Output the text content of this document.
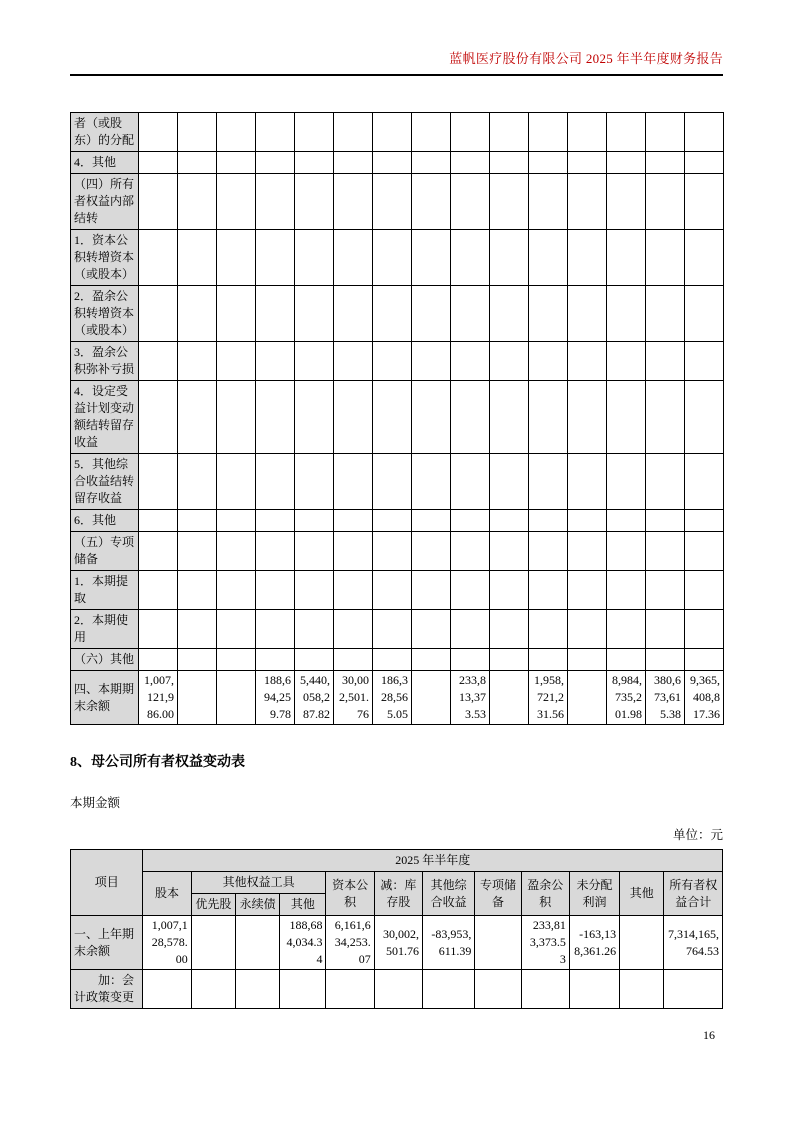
蓝帆医疗股份有限公司 2025 年半年度财务报告
者（或股东）的分配															
4．其他															
（四）所有者权益内部结转															
1．资本公积转增资本（或股本）															
2．盈余公积转增资本（或股本）															
3．盈余公积弥补亏损															
4．设定受益计划变动额结转留存收益															
5．其他综合收益结转留存收益															
6．其他															
（五）专项储备															
1．本期提取															
2．本期使用															
（六）其他															
四、本期期末余额	1,007,121,986.00			188,694,259.78	5,440,058,287.82	30,002,501.76	186,328,565.05		233,813,373.53		1,958,721,231.56		8,984,735,201.98	380,673,615.38	9,365,408,817.36
8、母公司所有者权益变动表
本期金额
单位：元
项目	2025 年半年度											
	股本	其他权益工具			资本公积	减：库存股	其他综合收益	专项储备	盈余公积	未分配利润	其他	所有者权益合计
		优先股	永续债	其他								
一、上年期末余额	1,007,128,578.00			188,684,034.34	6,161,634,253.07	30,002,501.76	-83,953,611.39		233,813,373.53	-163,138,361.26		7,314,165,764.53
加：会计政策变更												
16
